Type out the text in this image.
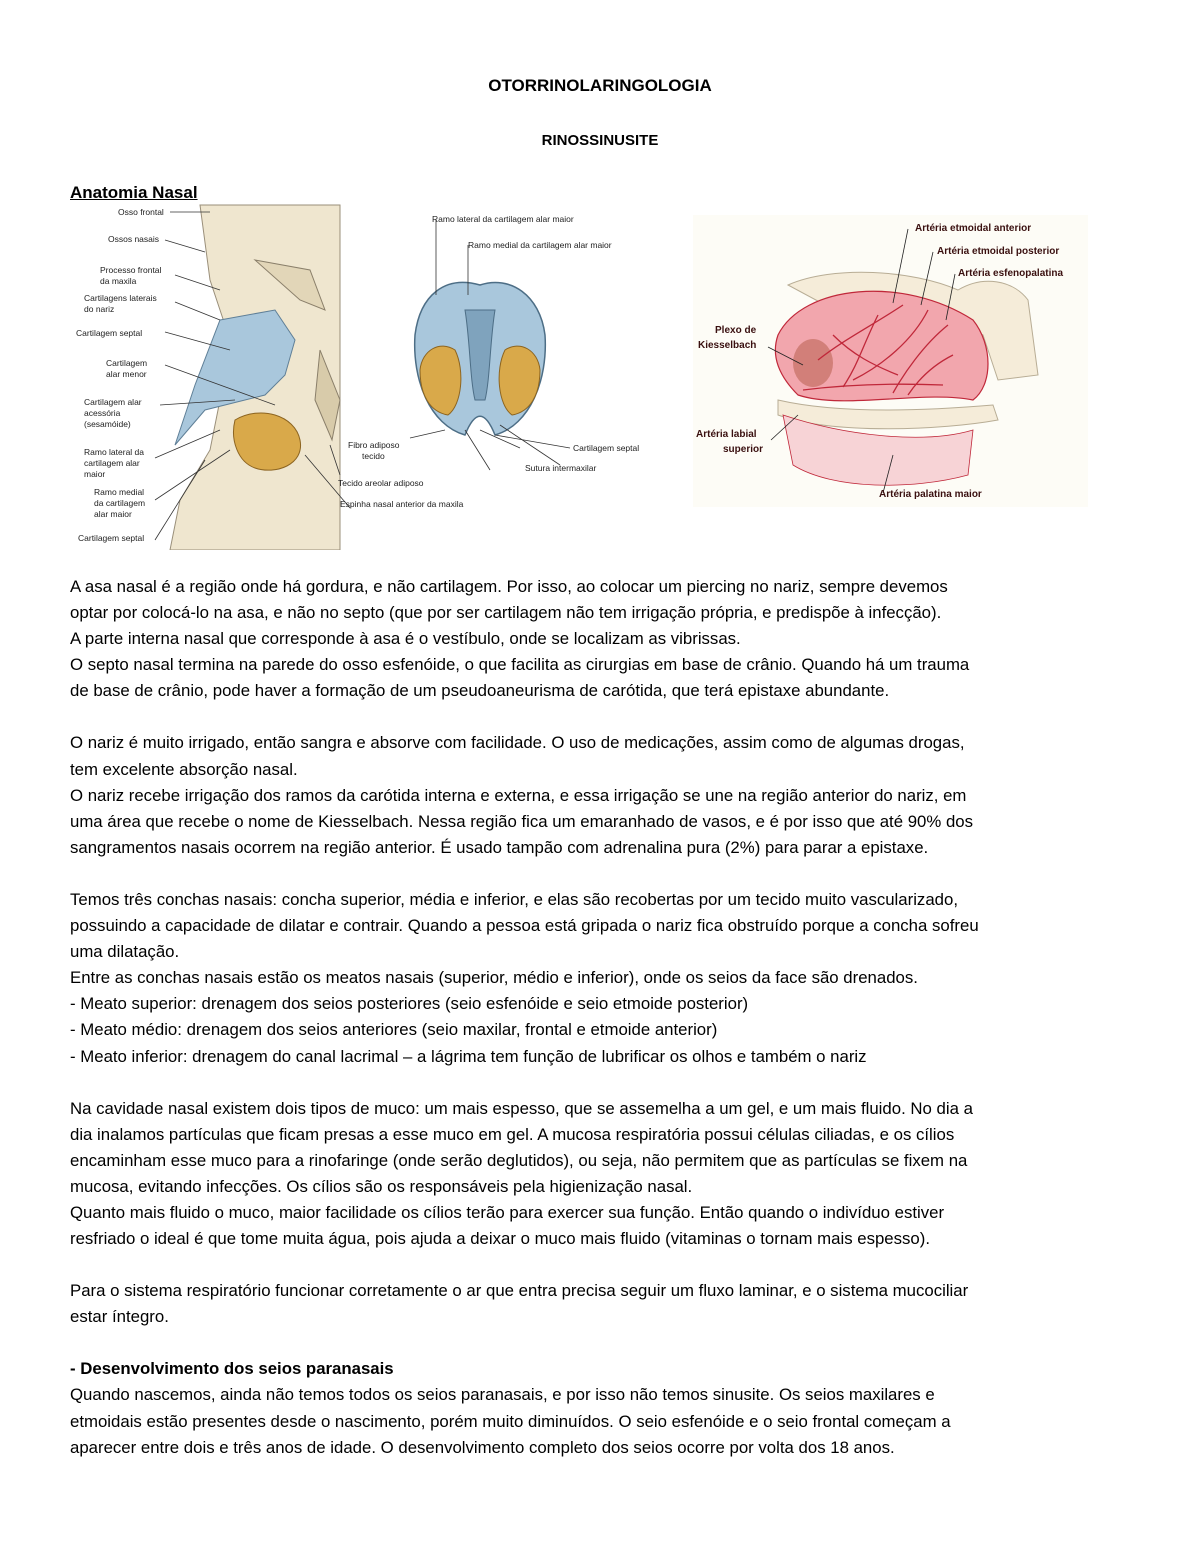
OTORRINOLARINGOLOGIA
RINOSSINUSITE
Anatomia Nasal
Osso frontal
Ossos nasais
Processo frontal
da maxila
Cartilagens laterais
do nariz
Cartilagem septal
Cartilagem
alar menor
Cartilagem alar
acessória
(sesamóide)
Ramo lateral da
cartilagem alar
maior
Ramo medial
da cartilagem
alar maior
Cartilagem septal
Ramo lateral da cartilagem alar maior
Ramo medial da cartilagem alar maior
Fibro adiposo
tecido
Tecido areolar adiposo
Espinha nasal anterior da maxila
Cartilagem septal
Sutura intermaxilar
Artéria etmoidal anterior
Artéria etmoidal posterior
Artéria esfenopalatina
Plexo de
Kiesselbach
Artéria labial
superior
Artéria palatina maior

A asa nasal é a região onde há gordura, e não cartilagem. Por isso, ao colocar um piercing no nariz, sempre devemos

optar por colocá-lo na asa, e não no septo (que por ser cartilagem não tem irrigação própria, e predispõe à infecção).

A parte interna nasal que corresponde à asa é o vestíbulo, onde se localizam as vibrissas.

O septo nasal termina na parede do osso esfenóide, o que facilita as cirurgias em base de crânio. Quando há um trauma

de base de crânio, pode haver a formação de um pseudoaneurisma de carótida, que terá epistaxe abundante.

O nariz é muito irrigado, então sangra e absorve com facilidade. O uso de medicações, assim como de algumas drogas,

tem excelente absorção nasal.

O nariz recebe irrigação dos ramos da carótida interna e externa, e essa irrigação se une na região anterior do nariz, em

uma área que recebe o nome de Kiesselbach. Nessa região fica um emaranhado de vasos, e é por isso que até 90% dos

sangramentos nasais ocorrem na região anterior. É usado tampão com adrenalina pura (2%) para parar a epistaxe.

Temos três conchas nasais: concha superior, média e inferior, e elas são recobertas por um tecido muito vascularizado,

possuindo a capacidade de dilatar e contrair. Quando a pessoa está gripada o nariz fica obstruído porque a concha sofreu

uma dilatação.

Entre as conchas nasais estão os meatos nasais (superior, médio e inferior), onde os seios da face são drenados.

- Meato superior: drenagem dos seios posteriores (seio esfenóide e seio etmoide posterior)

- Meato médio: drenagem dos seios anteriores (seio maxilar, frontal e etmoide anterior)

- Meato inferior: drenagem do canal lacrimal – a lágrima tem função de lubrificar os olhos e também o nariz

Na cavidade nasal existem dois tipos de muco: um mais espesso, que se assemelha a um gel, e um mais fluido. No dia a

dia inalamos partículas que ficam presas a esse muco em gel. A mucosa respiratória possui células ciliadas, e os cílios

encaminham esse muco para a rinofaringe (onde serão deglutidos), ou seja, não permitem que as partículas se fixem na

mucosa, evitando infecções. Os cílios são os responsáveis pela higienização nasal.

Quanto mais fluido o muco, maior facilidade os cílios terão para exercer sua função. Então quando o indivíduo estiver

resfriado o ideal é que tome muita água, pois ajuda a deixar o muco mais fluido (vitaminas o tornam mais espesso).

Para o sistema respiratório funcionar corretamente o ar que entra precisa seguir um fluxo laminar, e o sistema mucociliar

estar íntegro.

- Desenvolvimento dos seios paranasais

Quando nascemos, ainda não temos todos os seios paranasais, e por isso não temos sinusite. Os seios maxilares e

etmoidais estão presentes desde o nascimento, porém muito diminuídos. O seio esfenóide e o seio frontal começam a

aparecer entre dois e três anos de idade. O desenvolvimento completo dos seios ocorre por volta dos 18 anos.
